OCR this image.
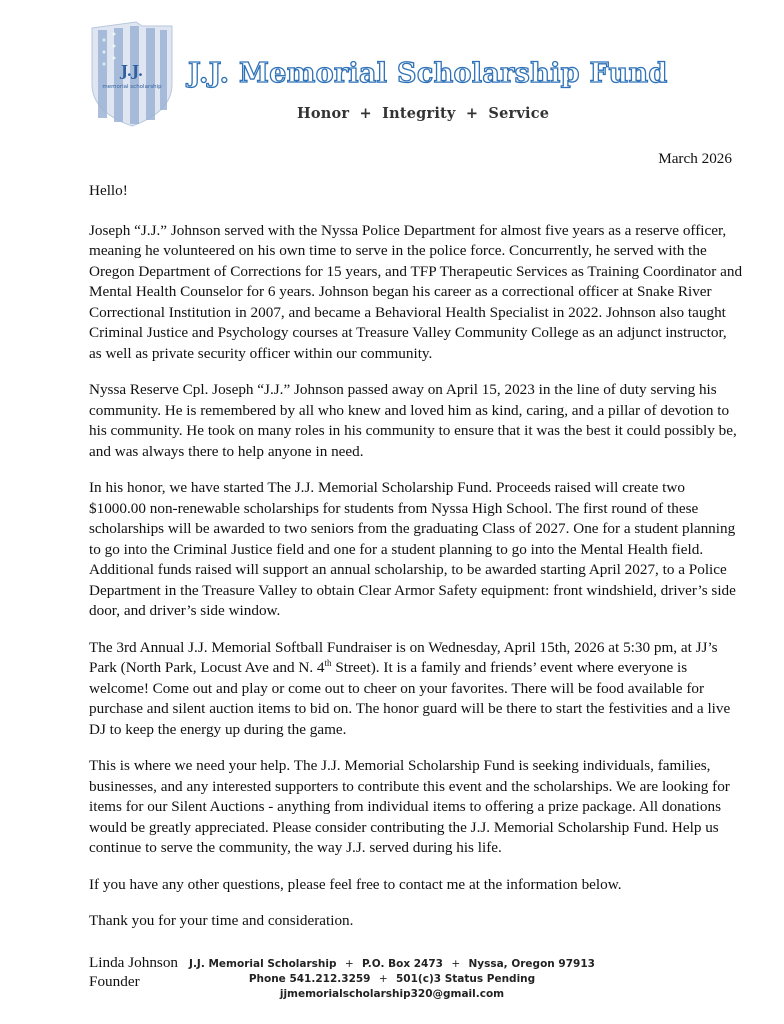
J.J.
memorial scholarship J.J. Memorial Scholarship Fund
Honor + Integrity + Service
March 2026

Hello!

Joseph “J.J.” Johnson served with the Nyssa Police Department for almost five years as a reserve officer, meaning he volunteered on his own time to serve in the police force. Concurrently, he served with the Oregon Department of Corrections for 15 years, and TFP Therapeutic Services as Training Coordinator and Mental Health Counselor for 6 years. Johnson began his career as a correctional officer at Snake River Correctional Institution in 2007, and became a Behavioral Health Specialist in 2022. Johnson also taught Criminal Justice and Psychology courses at Treasure Valley Community College as an adjunct instructor, as well as private security officer within our community.

Nyssa Reserve Cpl. Joseph “J.J.” Johnson passed away on April 15, 2023 in the line of duty serving his community. He is remembered by all who knew and loved him as kind, caring, and a pillar of devotion to his community. He took on many roles in his community to ensure that it was the best it could possibly be, and was always there to help anyone in need.

In his honor, we have started The J.J. Memorial Scholarship Fund. Proceeds raised will create two $1000.00 non-renewable scholarships for students from Nyssa High School. The first round of these scholarships will be awarded to two seniors from the graduating Class of 2027. One for a student planning to go into the Criminal Justice field and one for a student planning to go into the Mental Health field. Additional funds raised will support an annual scholarship, to be awarded starting April 2027, to a Police Department in the Treasure Valley to obtain Clear Armor Safety equipment: front windshield, driver’s side door, and driver’s side window.

The 3rd Annual J.J. Memorial Softball Fundraiser is on Wednesday, April 15th, 2026 at 5:30 pm, at JJ’s Park (North Park, Locust Ave and N. 4th Street). It is a family and friends’ event where everyone is welcome! Come out and play or come out to cheer on your favorites. There will be food available for purchase and silent auction items to bid on. The honor guard will be there to start the festivities and a live DJ to keep the energy up during the game.

This is where we need your help. The J.J. Memorial Scholarship Fund is seeking individuals, families, businesses, and any interested supporters to contribute this event and the scholarships. We are looking for items for our Silent Auctions - anything from individual items to offering a prize package. All donations would be greatly appreciated. Please consider contributing the J.J. Memorial Scholarship Fund. Help us continue to serve the community, the way J.J. served during his life.

If you have any other questions, please feel free to contact me at the information below.

Thank you for your time and consideration.

Linda Johnson
Founder
J.J. Memorial Scholarship + P.O. Box 2473 + Nyssa, Oregon 97913
Phone 541.212.3259 + 501(c)3 Status Pending
jjmemorialscholarship320@gmail.com
